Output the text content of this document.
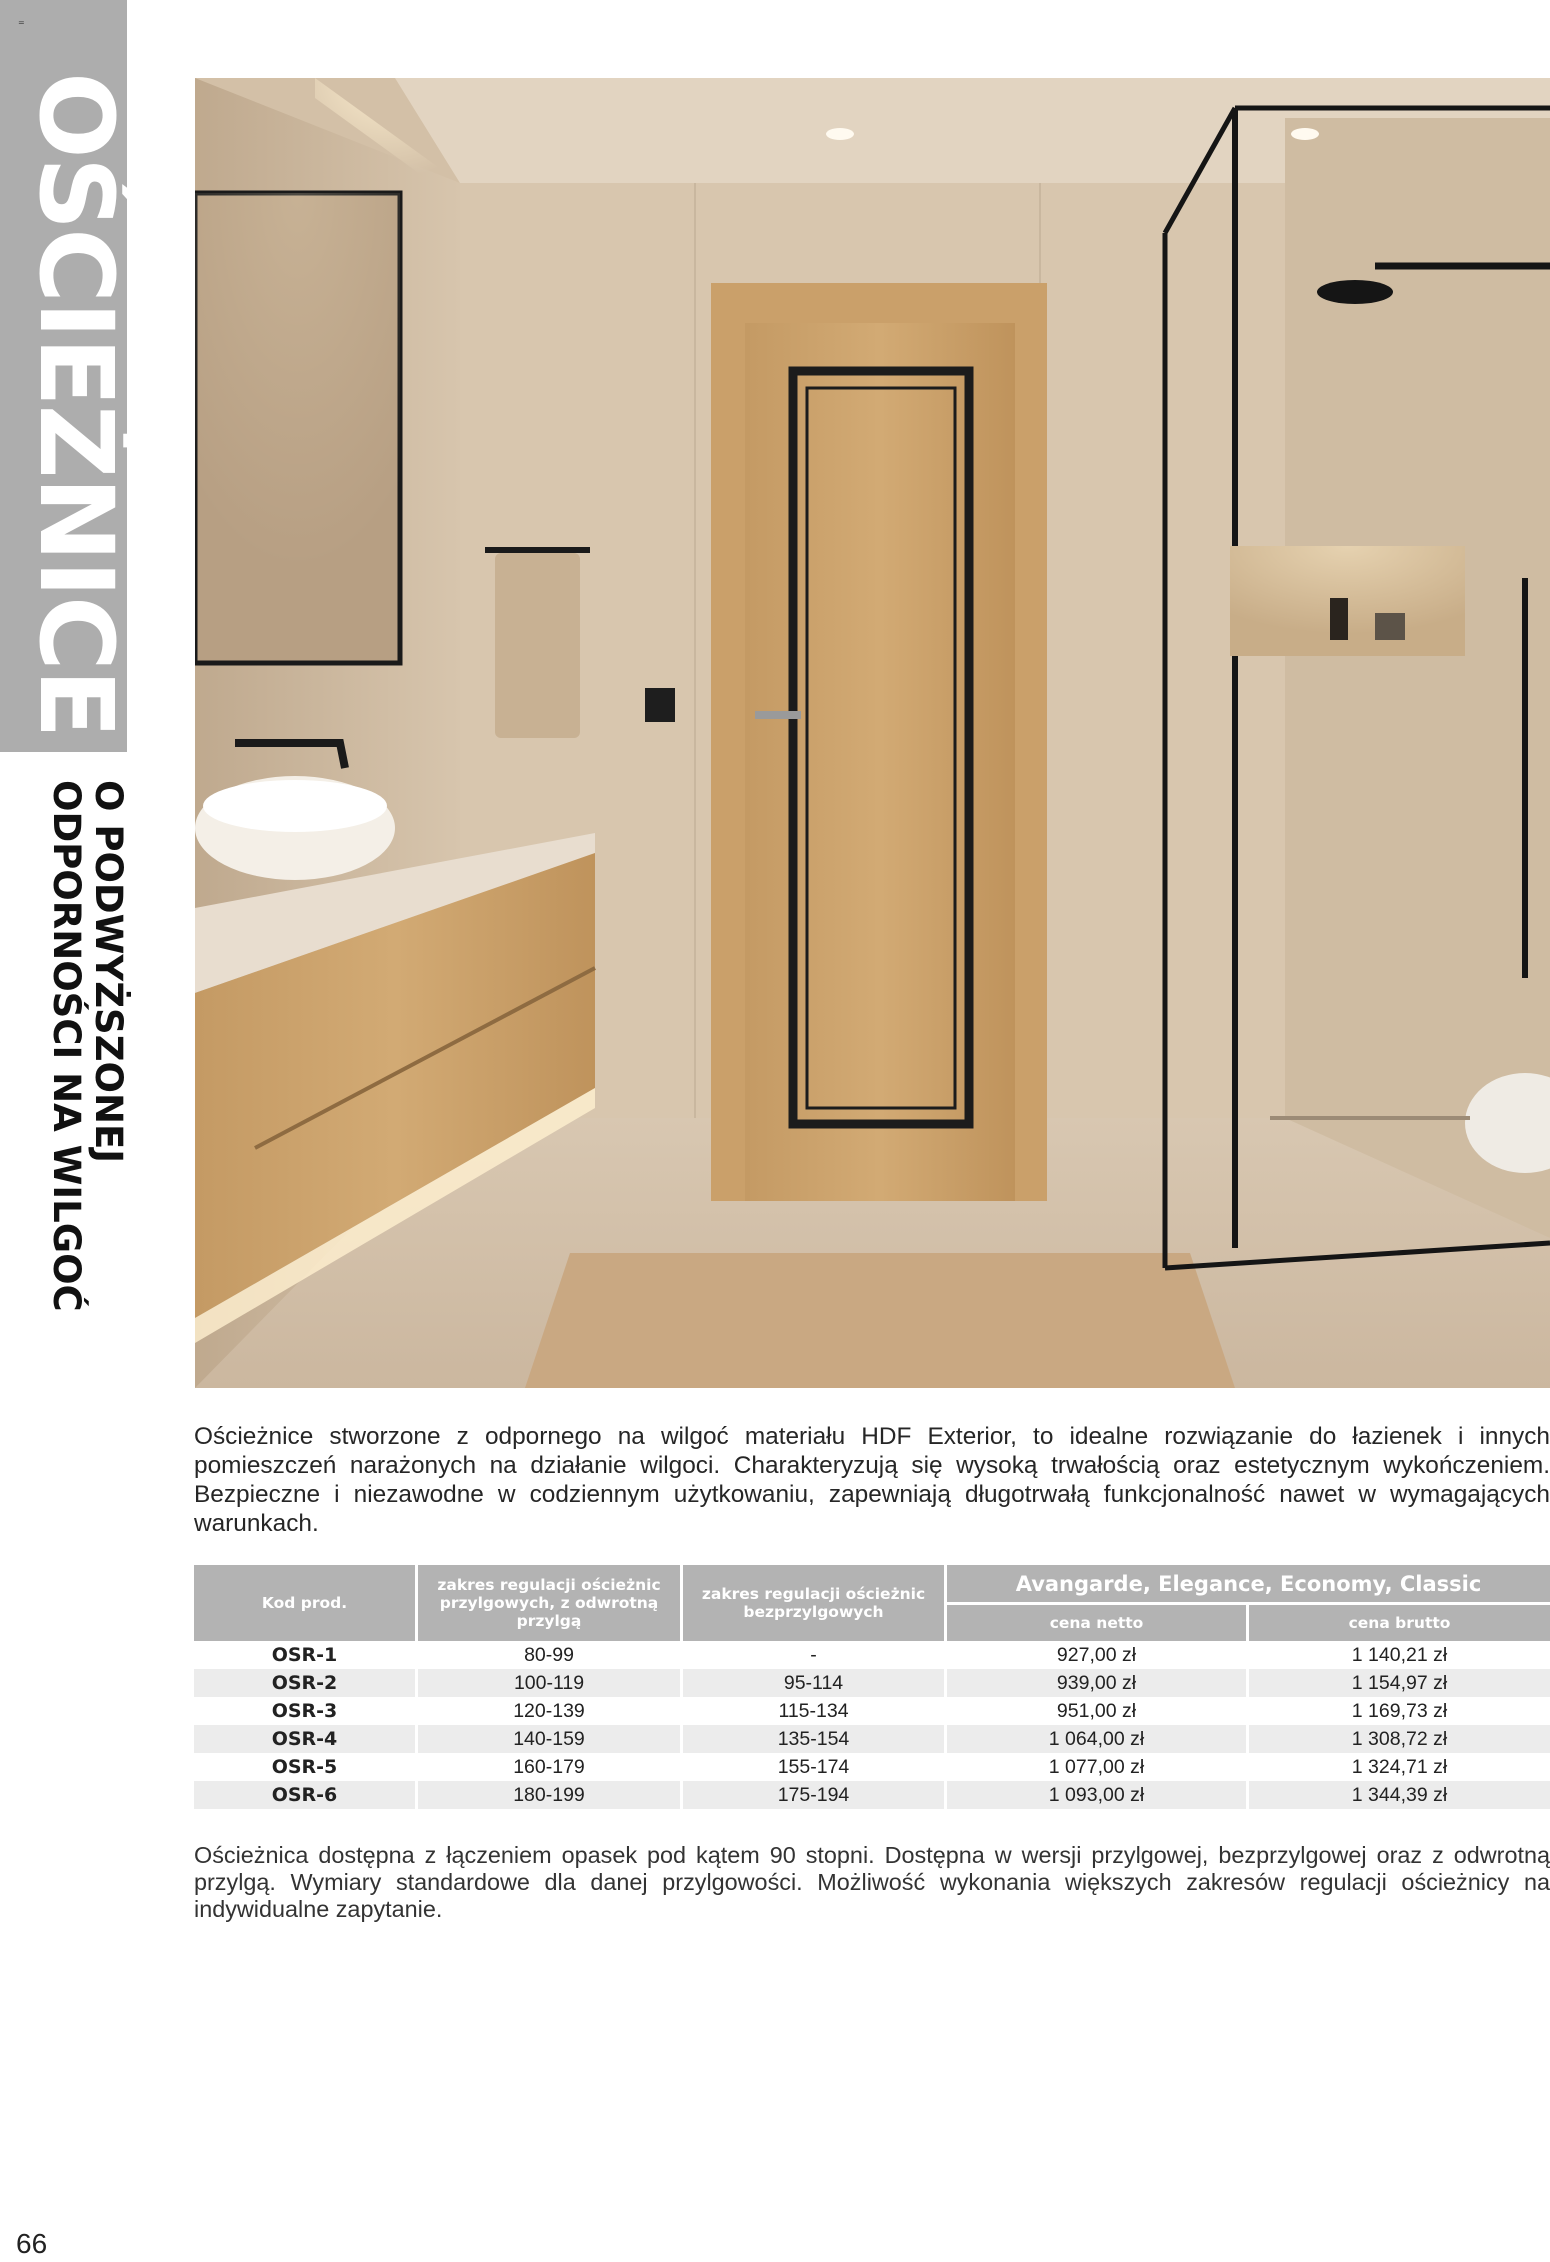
=
OŚCIEŻNICE
O PODWYŻSZONEJ
ODPORNOŚCI NA WILGOĆ

Ościeżnice stworzone z odpornego na wilgoć materiału HDF Exterior, to idealne rozwiązanie do łazienek i innych pomieszczeń narażonych na działanie wilgoci. Charakteryzują się wysoką trwałością oraz estetycznym wykończeniem. Bezpieczne i niezawodne w codziennym użytkowaniu, zapewniają długotrwałą funkcjonalność nawet w wymagających warunkach.

Kod prod.	zakres regulacji ościeżnic przylgowych, z odwrotną przylgą	zakres regulacji ościeżnic bezprzylgowych	Avangarde, Elegance, Economy, Classic	
			cena netto	cena brutto
OSR-1	80-99	-	927,00 zł	1 140,21 zł
OSR-2	100-119	95-114	939,00 zł	1 154,97 zł
OSR-3	120-139	115-134	951,00 zł	1 169,73 zł
OSR-4	140-159	135-154	1 064,00 zł	1 308,72 zł
OSR-5	160-179	155-174	1 077,00 zł	1 324,71 zł
OSR-6	180-199	175-194	1 093,00 zł	1 344,39 zł
Ościeżnica dostępna z łączeniem opasek pod kątem 90 stopni. Dostępna w wersji przylgowej, bezprzylgowej oraz z odwrotną przylgą. Wymiary standardowe dla danej przylgowości. Możliwość wykonania większych zakresów regulacji ościeżnicy na indywidualne zapytanie.
66
